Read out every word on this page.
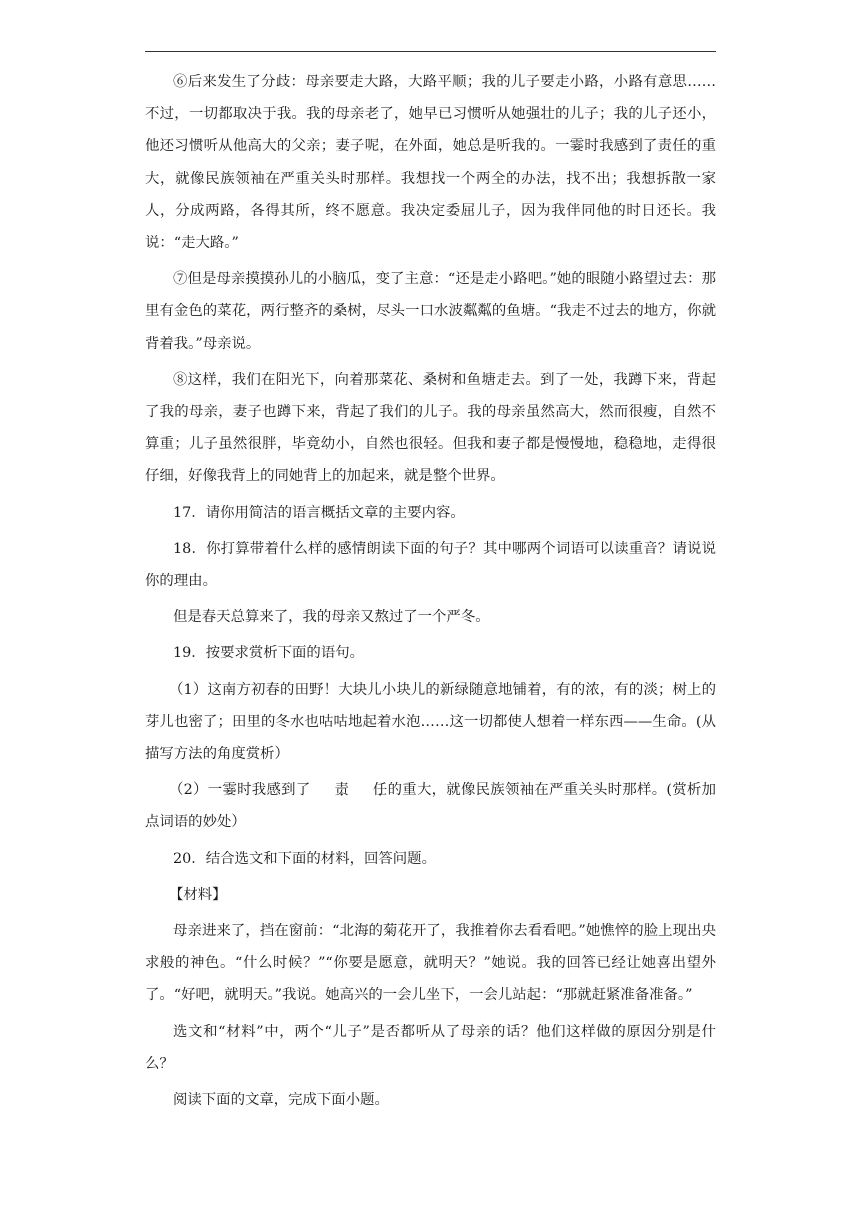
⑥后来发生了分歧：母亲要走大路，大路平顺；我的儿子要走小路，小路有意思……不过，一切都取决于我。我的母亲老了，她早已习惯听从她强壮的儿子；我的儿子还小，他还习惯听从他高大的父亲；妻子呢，在外面，她总是听我的。一霎时我感到了责任的重大，就像民族领袖在严重关头时那样。我想找一个两全的办法，找不出；我想拆散一家人，分成两路，各得其所，终不愿意。我决定委屈儿子，因为我伴同他的时日还长。我说：“走大路。”

⑦但是母亲摸摸孙儿的小脑瓜，变了主意：“还是走小路吧。”她的眼随小路望过去：那里有金色的菜花，两行整齐的桑树，尽头一口水波粼粼的鱼塘。“我走不过去的地方，你就背着我。”母亲说。

⑧这样，我们在阳光下，向着那菜花、桑树和鱼塘走去。到了一处，我蹲下来，背起了我的母亲，妻子也蹲下来，背起了我们的儿子。我的母亲虽然高大，然而很瘦，自然不算重；儿子虽然很胖，毕竟幼小，自然也很轻。但我和妻子都是慢慢地，稳稳地，走得很仔细，好像我背上的同她背上的加起来，就是整个世界。

17．请你用简洁的语言概括文章的主要内容。

18．你打算带着什么样的感情朗读下面的句子？其中哪两个词语可以读重音？请说说你的理由。

但是春天总算来了，我的母亲又熬过了一个严冬。

19．按要求赏析下面的语句。

（1）这南方初春的田野！大块儿小块儿的新绿随意地铺着，有的浓，有的淡；树上的芽儿也密了；田里的冬水也咕咕地起着水泡……这一切都使人想着一样东西——生命。(从描写方法的角度赏析）

（2）一霎时我感到了 责 · 任 ·的重大，就像民族领袖在严重关头时那样。(赏析加点词语的妙处）

20．结合选文和下面的材料，回答问题。

【材料】

母亲进来了，挡在窗前：“北海的菊花开了，我推着你去看看吧。”她憔悴的脸上现出央求般的神色。“什么时候？”“你要是愿意，就明天？”她说。我的回答已经让她喜出望外了。“好吧，就明天。”我说。她高兴的一会儿坐下，一会儿站起：“那就赶紧准备准备。”

选文和“材料”中，两个“儿子”是否都听从了母亲的话？他们这样做的原因分别是什么？

阅读下面的文章，完成下面小题。
